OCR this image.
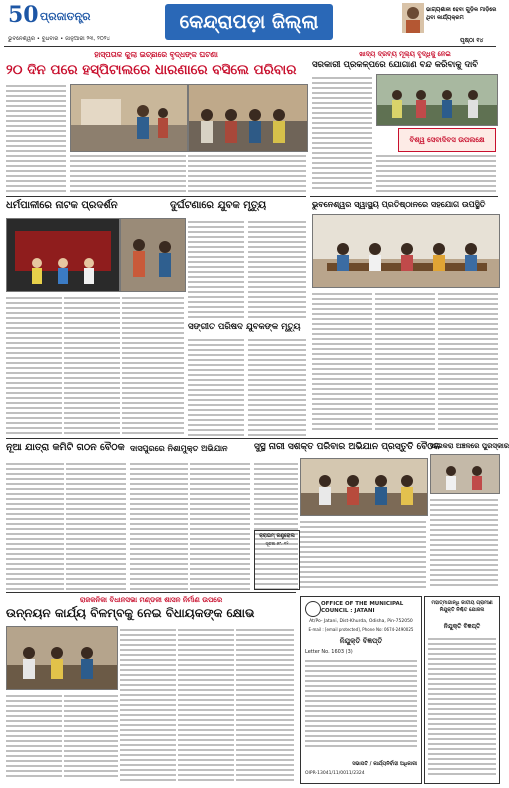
50 ପ୍ରଜାତନ୍ତ୍ର
ଭୁବନେଶ୍ୱର • ବୁଧବାର • ଜାନୁଆରୀ ୨୩, ୨୦୨୪
କେନ୍ଦ୍ରାପଡ଼ା ଜିଲ୍ଲା
ଭାଗ୍ୟଶାଳୀ ହେବା ଗୁଡ଼ିକ ମାଡ଼ିରେ ଥିବା କାର୍ଯ୍ୟକ୍ରମ
ପୃଷ୍ଠା ୧୪
ହାସ୍ପତାଳ କୁଲା ଇଚ୍ଛାରେ ବୃଦ୍ଧଙ୍କ ଘଟଣା
୨୦ ଦିନ ପରେ ହସ୍ପିଟାଲରେ ଧାରଣାରେ ବସିଲେ ପରିବାର
ଖାଦ୍ୟ ଦ୍ରବ୍ୟ ମୂଲ୍ୟ ବୃଦ୍ଧିକୁ ନେଇ
ସରକାରୀ ପ୍ରକଳ୍ପରେ ଯୋଗାଣ ବନ୍ଦ କରିବାକୁ ଦାବି
ବିଶ୍ୱ ସେବାଦିବସ ଉପଲକ୍ଷେ
ଧର୍ମପାଳୀରେ ନାଟକ ପ୍ରଦର୍ଶନ	ଦୁର୍ଘଟଣାରେ ଯୁବକ ମୃତ୍ୟୁ
ସଙ୍ଗୀତ ପରିଷଦ ଯୁବକଙ୍କ ମୃତ୍ୟୁ
ଭୁବନେଶ୍ୱର ସ୍ୱାସ୍ଥ୍ୟ ପ୍ରତିଷ୍ଠାନରେ ସହଯୋଗ ଉପସ୍ଥିତି
ନୂଆ ଯାତ୍ରା କମିଟି ଗଠନ ବୈଠକ ଦାସପୁରରେ ନିଶାମୁକ୍ତ ଅଭିଯାନ	ସୁସ୍ଥ ନାରୀ ସଶକ୍ତ ପରିବାର ଅଭିଯାନ ପ୍ରସ୍ତୁତି ବୈଠକ
ପାଇକରା ଅଞ୍ଚଳରେ ପୁରସ୍କାର
ରାଜକନିକା ବିଧାନସଭା ମଣ୍ଡଳୀ ଶାସନ ନିର୍ମାଣ ଉପରେ
ଉନ୍ନୟନ କାର୍ଯ୍ୟ ବିଳମ୍ବକୁ ନେଇ ବିଧାୟକଙ୍କ କ୍ଷୋଭ
OFFICE OF THE MUNICIPAL COUNCIL : JATANI
At/Po- Jatani, Dist-Khurda, Odisha, Pin-752050
E-mail : [email protected], Phone No: 0674-2490025
ନିଯୁକ୍ତି ବିଜ୍ଞପ୍ତି
Letter No. 1603 (3)
ସଭାପତି / କାର୍ଯ୍ୟନିର୍ବାହୀ ଅଧିକାରୀ
OIPR-13041/11/0011/2324
ମହାତ୍ମାଗାନ୍ଧି ଜାତୀୟ ଗ୍ରାମୀଣ ନିଯୁକ୍ତି ନିଶ୍ଚିତ ଯୋଜନା
ନିଯୁକ୍ତି ବିଜ୍ଞପ୍ତି
କ୍ରାଇମ୍ କଣ୍ଟ୍ରୋଲ
ସୂଚନା ନଂ. ୧୨
